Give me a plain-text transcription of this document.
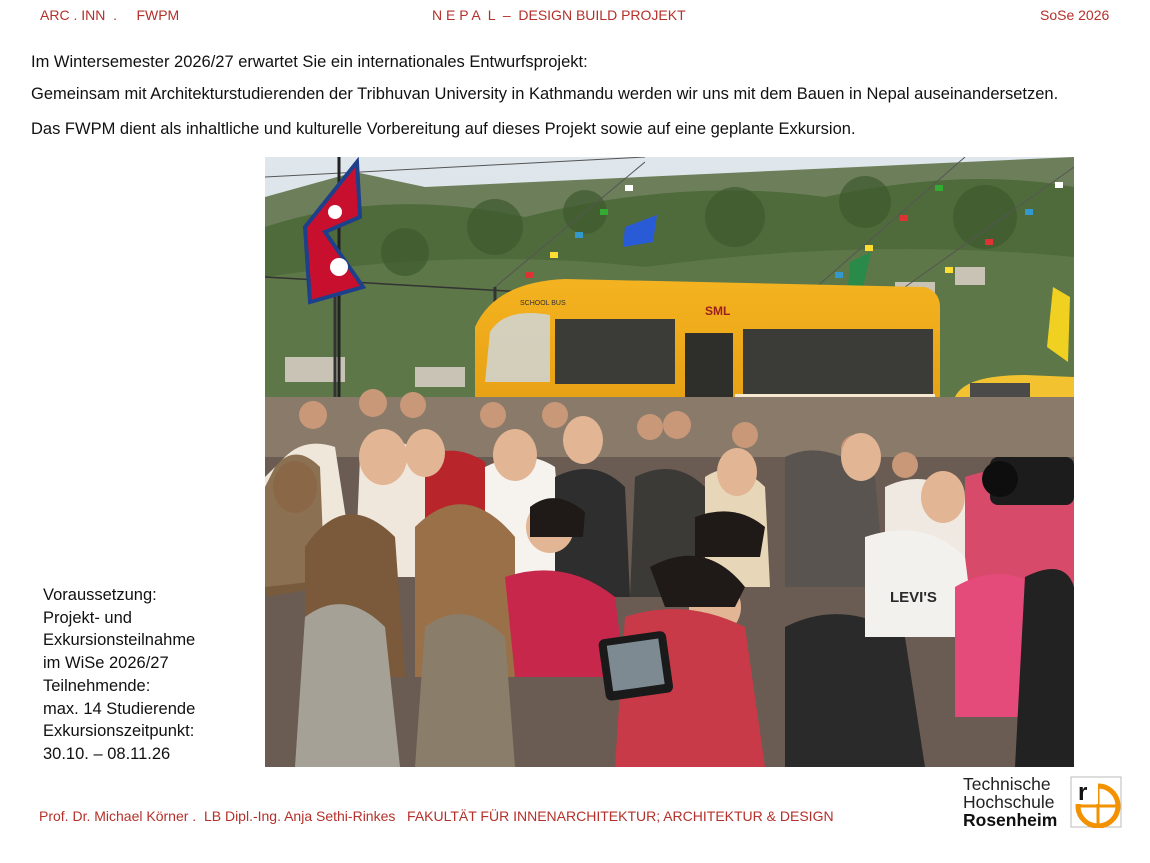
ARC . INN  .     FWPM	N E P A  L  –  DESIGN BUILD PROJEKT	SoSe 2026
Im Wintersemester 2026/27 erwartet Sie ein internationales Entwurfsprojekt:
Gemeinsam mit Architekturstudierenden der Tribhuvan University in Kathmandu werden wir uns mit dem Bauen in Nepal auseinandersetzen.
Das FWPM dient als inhaltliche und kulturelle Vorbereitung auf dieses Projekt sowie auf eine geplante Exkursion.
SML
SCHOOL BUS
LEVI'S
Voraussetzung:
Projekt- und
Exkursionsteilnahme
im WiSe 2026/27
Teilnehmende:
max. 14 Studierende
Exkursionszeitpunkt:
30.10. – 08.11.26
Prof. Dr. Michael Körner .  LB Dipl.-Ing. Anja Sethi-Rinkes   FAKULTÄT FÜR INNENARCHITEKTUR; ARCHITEKTUR & DESIGN
Technische
Hochschule
Rosenheim
r
